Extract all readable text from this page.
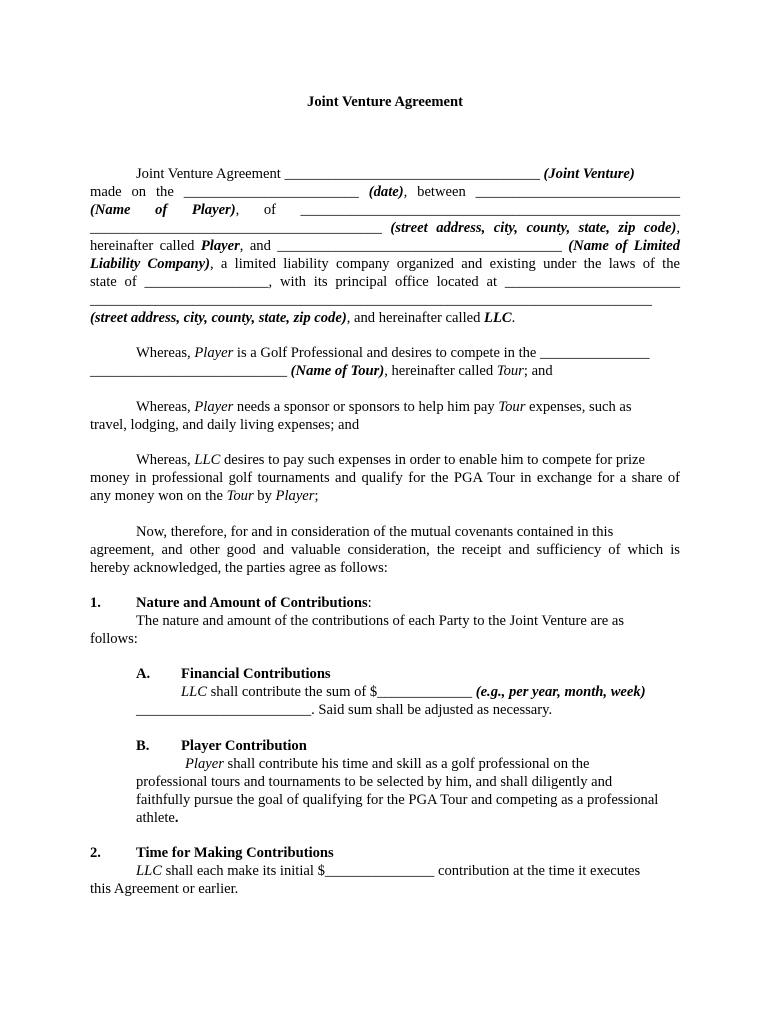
Joint Venture Agreement
Joint Venture Agreement ___________________________________ (Joint Venture)
made on the ________________________ (date), between ____________________________
(Name of Player), of ____________________________________________________
________________________________________ (street address, city, county, state, zip code),
hereinafter called Player, and _______________________________________ (Name of Limited
Liability Company), a limited liability company organized and existing under the laws of the
state of _________________, with its principal office located at ________________________
_____________________________________________________________________________
(street address, city, county, state, zip code), and hereinafter called LLC.
Whereas, Player is a Golf Professional and desires to compete in the _______________
___________________________ (Name of Tour), hereinafter called Tour; and
Whereas, Player needs a sponsor or sponsors to help him pay Tour expenses, such as
travel, lodging, and daily living expenses; and
Whereas, LLC desires to pay such expenses in order to enable him to compete for prize
money in professional golf tournaments and qualify for the PGA Tour in exchange for a share of
any money won on the Tour by Player;
Now, therefore, for and in consideration of the mutual covenants contained in this
agreement, and other good and valuable consideration, the receipt and sufficiency of which is
hereby acknowledged, the parties agree as follows:
1. Nature and Amount of Contributions:
The nature and amount of the contributions of each Party to the Joint Venture are as
follows:
A. Financial Contributions
LLC shall contribute the sum of $_____________ (e.g., per year, month, week)
________________________. Said sum shall be adjusted as necessary.
B. Player Contribution
Player shall contribute his time and skill as a golf professional on the
professional tours and tournaments to be selected by him, and shall diligently and
faithfully pursue the goal of qualifying for the PGA Tour and competing as a professional
athlete.
2. Time for Making Contributions
LLC shall each make its initial $_______________ contribution at the time it executes
this Agreement or earlier.
